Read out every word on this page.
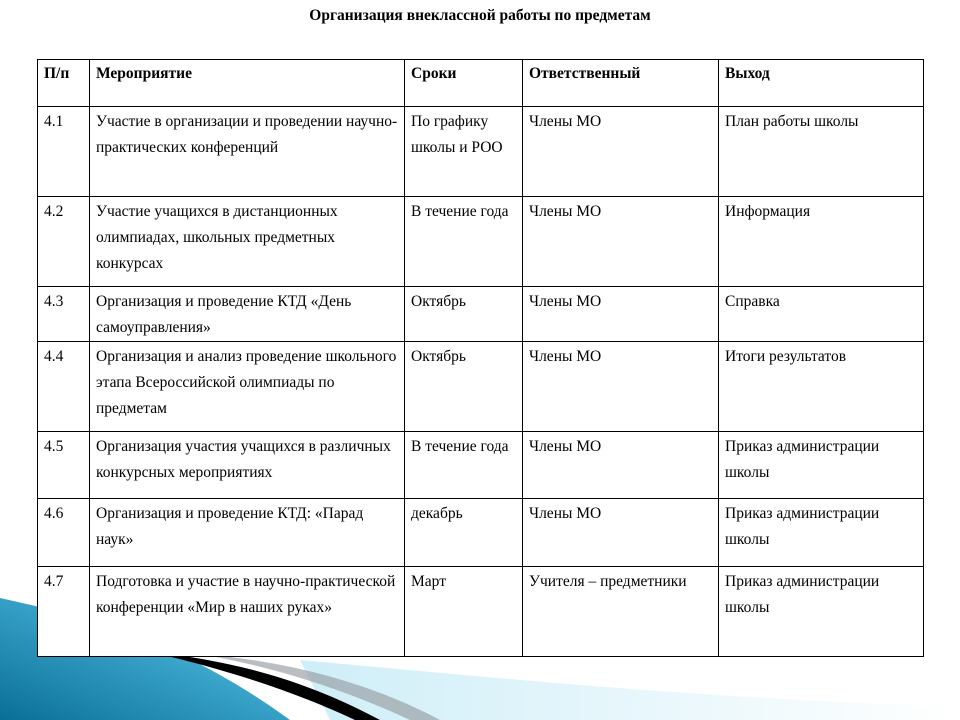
Организация внеклассной работы по предметам
П/п	Мероприятие	Сроки	Ответственный	Выход
4.1	Участие в организации и проведении научно-практических конференций	По графику школы и РОО	Члены МО	План работы школы
4.2	Участие учащихся в дистанционных олимпиадах, школьных предметных конкурсах	В течение года	Члены МО	Информация
4.3	Организация и проведение КТД «День самоуправления»	Октябрь	Члены МО	Справка
4.4	Организация и анализ проведение школьного этапа Всероссийской олимпиады по предметам	Октябрь	Члены МО	Итоги результатов
4.5	Организация участия учащихся в различных конкурсных мероприятиях	В течение года	Члены МО	Приказ администрации школы
4.6	Организация и проведение КТД: «Парад наук»	декабрь	Члены МО	Приказ администрации школы
4.7	Подготовка и участие в научно-практической конференции «Мир в наших руках»	Март	Учителя – предметники	Приказ администрации школы
